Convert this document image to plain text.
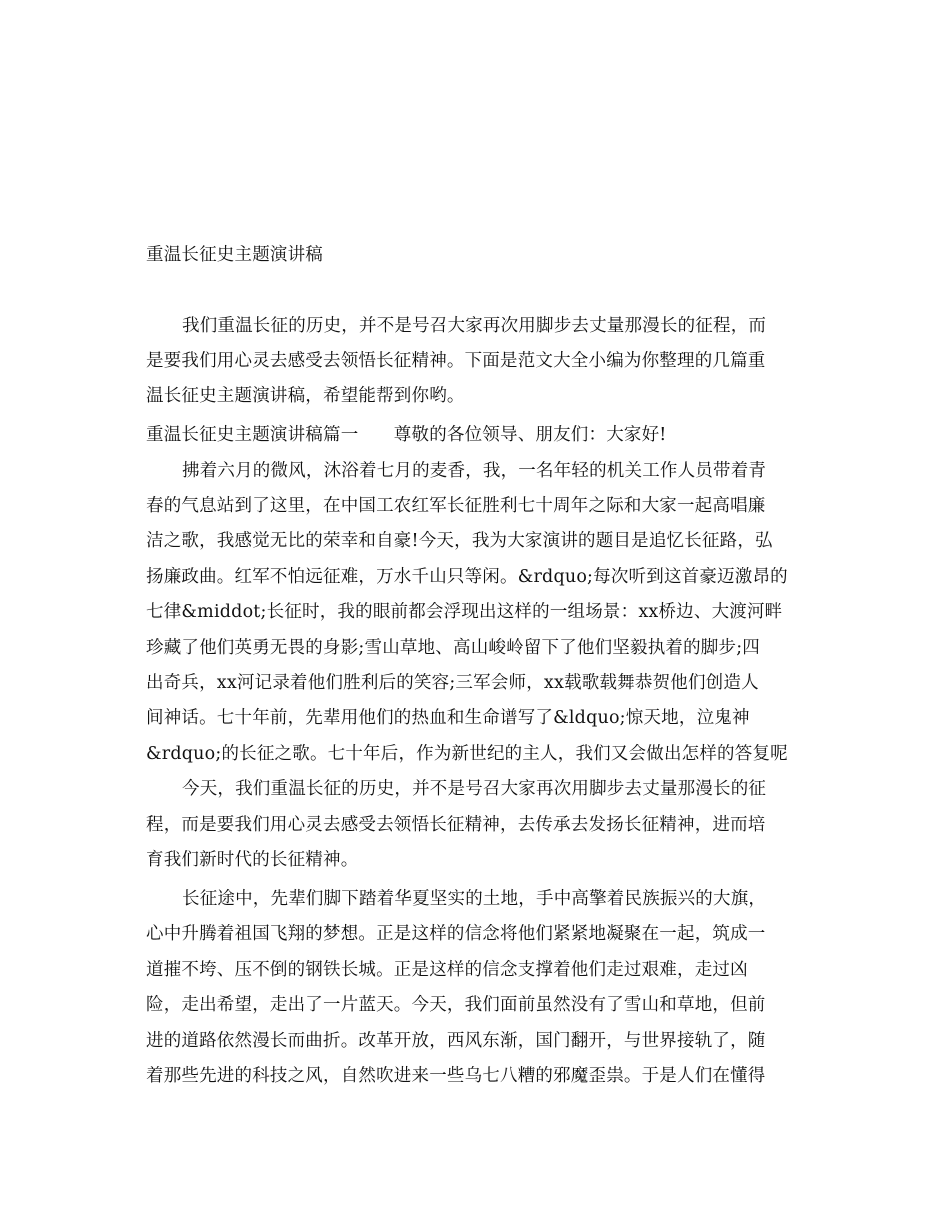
重温长征史主题演讲稿
我们重温长征的历史，并不是号召大家再次用脚步去丈量那漫长的征程，而
是要我们用心灵去感受去领悟长征精神。下面是范文大全小编为你整理的几篇重
温长征史主题演讲稿，希望能帮到你哟。
重温长征史主题演讲稿篇一　　尊敬的各位领导、朋友们：大家好!
拂着六月的微风，沐浴着七月的麦香，我，一名年轻的机关工作人员带着青
春的气息站到了这里，在中国工农红军长征胜利七十周年之际和大家一起高唱廉
洁之歌，我感觉无比的荣幸和自豪!今天，我为大家演讲的题目是追忆长征路，弘
扬廉政曲。红军不怕远征难，万水千山只等闲。&rdquo;每次听到这首豪迈激昂的
七律&middot;长征时，我的眼前都会浮现出这样的一组场景：xx桥边、大渡河畔
珍藏了他们英勇无畏的身影;雪山草地、高山峻岭留下了他们坚毅执着的脚步;四
出奇兵，xx河记录着他们胜利后的笑容;三军会师，xx载歌载舞恭贺他们创造人
间神话。七十年前，先辈用他们的热血和生命谱写了&ldquo;惊天地，泣鬼神
&rdquo;的长征之歌。七十年后，作为新世纪的主人，我们又会做出怎样的答复呢
今天，我们重温长征的历史，并不是号召大家再次用脚步去丈量那漫长的征
程，而是要我们用心灵去感受去领悟长征精神，去传承去发扬长征精神，进而培
育我们新时代的长征精神。
长征途中，先辈们脚下踏着华夏坚实的土地，手中高擎着民族振兴的大旗，
心中升腾着祖国飞翔的梦想。正是这样的信念将他们紧紧地凝聚在一起，筑成一
道摧不垮、压不倒的钢铁长城。正是这样的信念支撑着他们走过艰难，走过凶
险，走出希望，走出了一片蓝天。今天，我们面前虽然没有了雪山和草地，但前
进的道路依然漫长而曲折。改革开放，西风东渐，国门翻开，与世界接轨了，随
着那些先进的科技之风，自然吹进来一些乌七八糟的邪魔歪祟。于是人们在懂得
